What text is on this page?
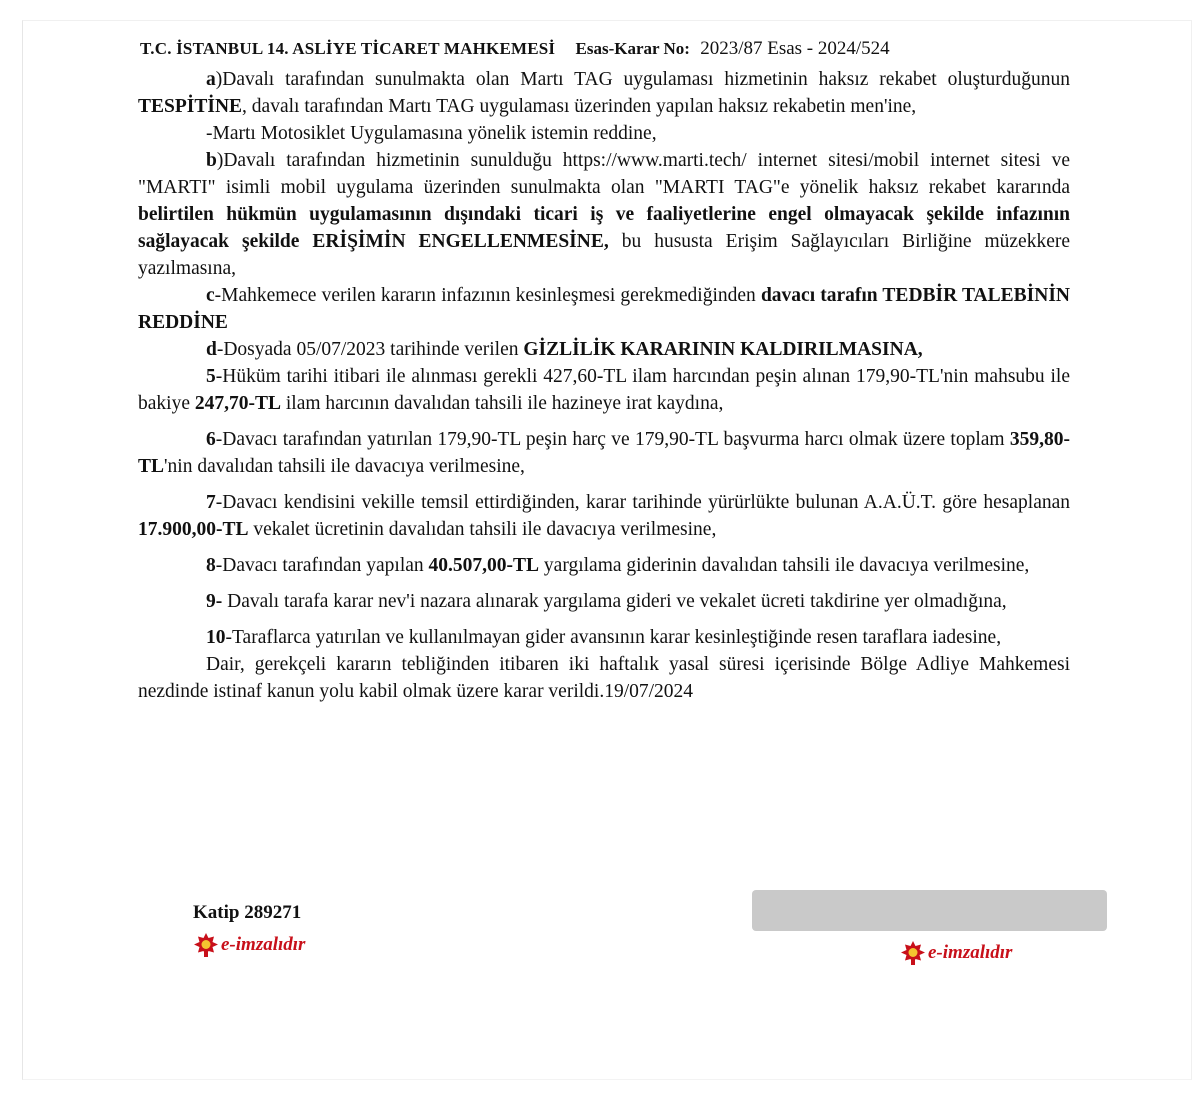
T.C. İSTANBUL 14. ASLİYE TİCARET MAHKEMESİ Esas-Karar No: 2023/87 Esas - 2024/524

a)Davalı tarafından sunulmakta olan Martı TAG uygulaması hizmetinin haksız rekabet oluşturduğunun TESPİTİNE, davalı tarafından Martı TAG uygulaması üzerinden yapılan haksız rekabetin men'ine,

-Martı Motosiklet Uygulamasına yönelik istemin reddine,

b)Davalı tarafından hizmetinin sunulduğu https://www.marti.tech/ internet sitesi/mobil internet sitesi ve "MARTI" isimli mobil uygulama üzerinden sunulmakta olan "MARTI TAG"e yönelik haksız rekabet kararında belirtilen hükmün uygulamasının dışındaki ticari iş ve faaliyetlerine engel olmayacak şekilde infazının sağlayacak şekilde ERİŞİMİN ENGELLENMESİNE, bu hususta Erişim Sağlayıcıları Birliğine müzekkere yazılmasına,

c-Mahkemece verilen kararın infazının kesinleşmesi gerekmediğinden davacı tarafın TEDBİR TALEBİNİN REDDİNE

d-Dosyada 05/07/2023 tarihinde verilen GİZLİLİK KARARININ KALDIRILMASINA,

5-Hüküm tarihi itibari ile alınması gerekli 427,60-TL ilam harcından peşin alınan 179,90-TL'nin mahsubu ile bakiye 247,70-TL ilam harcının davalıdan tahsili ile hazineye irat kaydına,

6-Davacı tarafından yatırılan 179,90-TL peşin harç ve 179,90-TL başvurma harcı olmak üzere toplam 359,80-TL'nin davalıdan tahsili ile davacıya verilmesine,

7-Davacı kendisini vekille temsil ettirdiğinden, karar tarihinde yürürlükte bulunan A.A.Ü.T. göre hesaplanan 17.900,00-TL vekalet ücretinin davalıdan tahsili ile davacıya verilmesine,

8-Davacı tarafından yapılan 40.507,00-TL yargılama giderinin davalıdan tahsili ile davacıya verilmesine,

9- Davalı tarafa karar nev'i nazara alınarak yargılama gideri ve vekalet ücreti takdirine yer olmadığına,

10-Taraflarca yatırılan ve kullanılmayan gider avansının karar kesinleştiğinde resen taraflara iadesine,

Dair, gerekçeli kararın tebliğinden itibaren iki haftalık yasal süresi içerisinde Bölge Adliye Mahkemesi nezdinde istinaf kanun yolu kabil olmak üzere karar verildi.19/07/2024

Katip 289271
e-imzalıdır	e-imzalıdır
